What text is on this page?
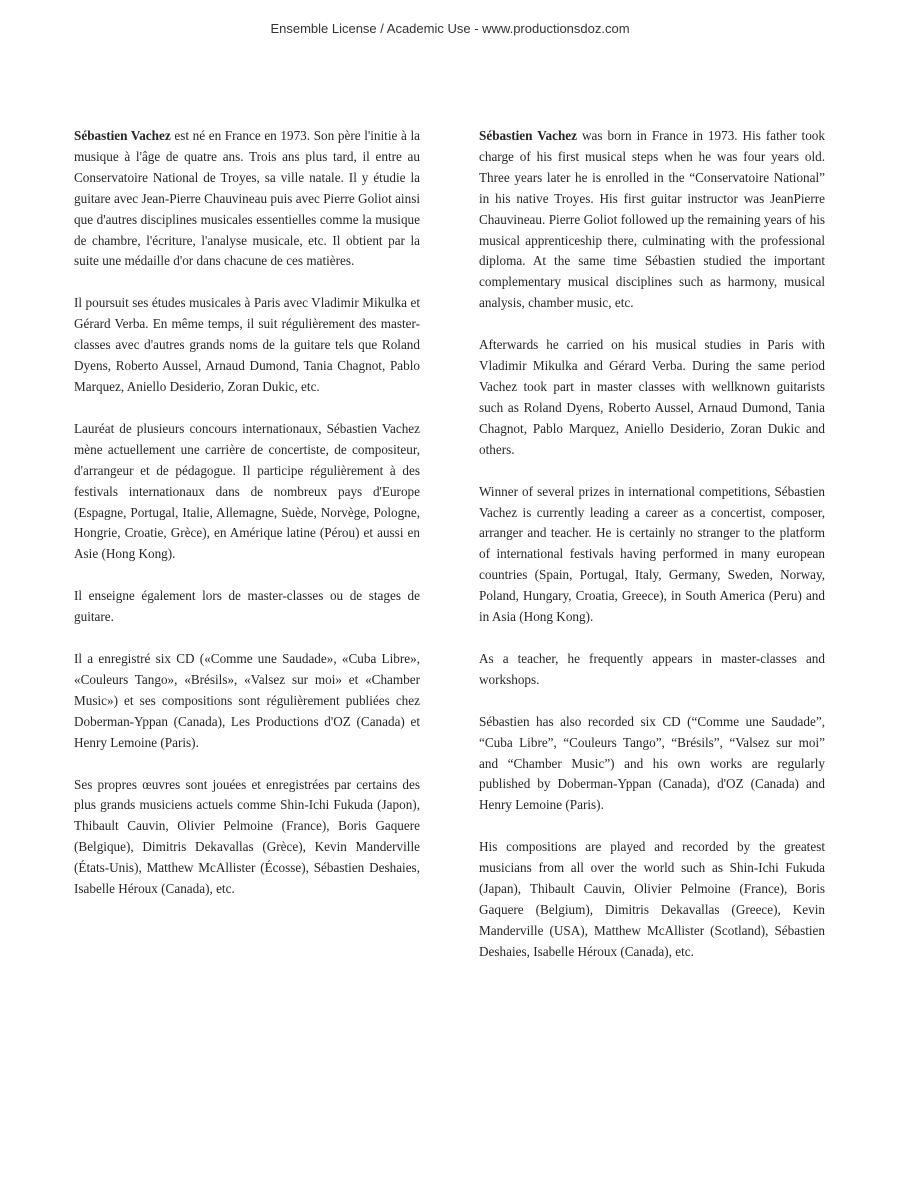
Ensemble License / Academic Use - www.productionsdoz.com

Sébastien Vachez est né en France en 1973. Son père l'initie à la musique à l'âge de quatre ans. Trois ans plus tard, il entre au Conservatoire National de Troyes, sa ville natale. Il y étudie la guitare avec Jean-Pierre Chauvineau puis avec Pierre Goliot ainsi que d'autres disciplines musicales essentielles comme la musique de chambre, l'écriture, l'analyse musicale, etc. Il obtient par la suite une médaille d'or dans chacune de ces matières.

Il poursuit ses études musicales à Paris avec Vladimir Mikulka et Gérard Verba. En même temps, il suit régulièrement des master-classes avec d'autres grands noms de la guitare tels que Roland Dyens, Roberto Aussel, Arnaud Dumond, Tania Chagnot, Pablo Marquez, Aniello Desiderio, Zoran Dukic, etc.

Lauréat de plusieurs concours internationaux, Sébastien Vachez mène actuellement une carrière de concertiste, de compositeur, d'arrangeur et de pédagogue. Il participe régulièrement à des festivals internationaux dans de nombreux pays d'Europe (Espagne, Portugal, Italie, Allemagne, Suède, Norvège, Pologne, Hongrie, Croatie, Grèce), en Amérique latine (Pérou) et aussi en Asie (Hong Kong).

Il enseigne également lors de master-classes ou de stages de guitare.

Il a enregistré six CD («Comme une Saudade», «Cuba Libre», «Couleurs Tango», «Brésils», «Valsez sur moi» et «Chamber Music») et ses compositions sont régulièrement publiées chez Doberman-Yppan (Canada), Les Productions d'OZ (Canada) et Henry Lemoine (Paris).

Ses propres œuvres sont jouées et enregistrées par certains des plus grands musiciens actuels comme Shin-Ichi Fukuda (Japon), Thibault Cauvin, Olivier Pelmoine (France), Boris Gaquere (Belgique), Dimitris Dekavallas (Grèce), Kevin Manderville (États-Unis), Matthew McAllister (Écosse), Sébastien Deshaies, Isabelle Héroux (Canada), etc.

Sébastien Vachez was born in France in 1973. His father took charge of his first musical steps when he was four years old. Three years later he is enrolled in the “Conservatoire National” in his native Troyes. His first guitar instructor was JeanPierre Chauvineau. Pierre Goliot followed up the remaining years of his musical apprenticeship there, culminating with the professional diploma. At the same time Sébastien studied the important complementary musical disciplines such as harmony, musical analysis, chamber music, etc.

Afterwards he carried on his musical studies in Paris with Vladimir Mikulka and Gérard Verba. During the same period Vachez took part in master classes with wellknown guitarists such as Roland Dyens, Roberto Aussel, Arnaud Dumond, Tania Chagnot, Pablo Marquez, Aniello Desiderio, Zoran Dukic and others.

Winner of several prizes in international competitions, Sébastien Vachez is currently leading a career as a concertist, composer, arranger and teacher. He is certainly no stranger to the platform of international festivals having performed in many european countries (Spain, Portugal, Italy, Germany, Sweden, Norway, Poland, Hungary, Croatia, Greece), in South America (Peru) and in Asia (Hong Kong).

As a teacher, he frequently appears in master-classes and workshops.

Sébastien has also recorded six CD (“Comme une Saudade”, “Cuba Libre”, “Couleurs Tango”, “Brésils”, “Valsez sur moi” and “Chamber Music”) and his own works are regularly published by Doberman-Yppan (Canada), d'OZ (Canada) and Henry Lemoine (Paris).

His compositions are played and recorded by the greatest musicians from all over the world such as Shin-Ichi Fukuda (Japan), Thibault Cauvin, Olivier Pelmoine (France), Boris Gaquere (Belgium), Dimitris Dekavallas (Greece), Kevin Manderville (USA), Matthew McAllister (Scotland), Sébastien Deshaies, Isabelle Héroux (Canada), etc.
